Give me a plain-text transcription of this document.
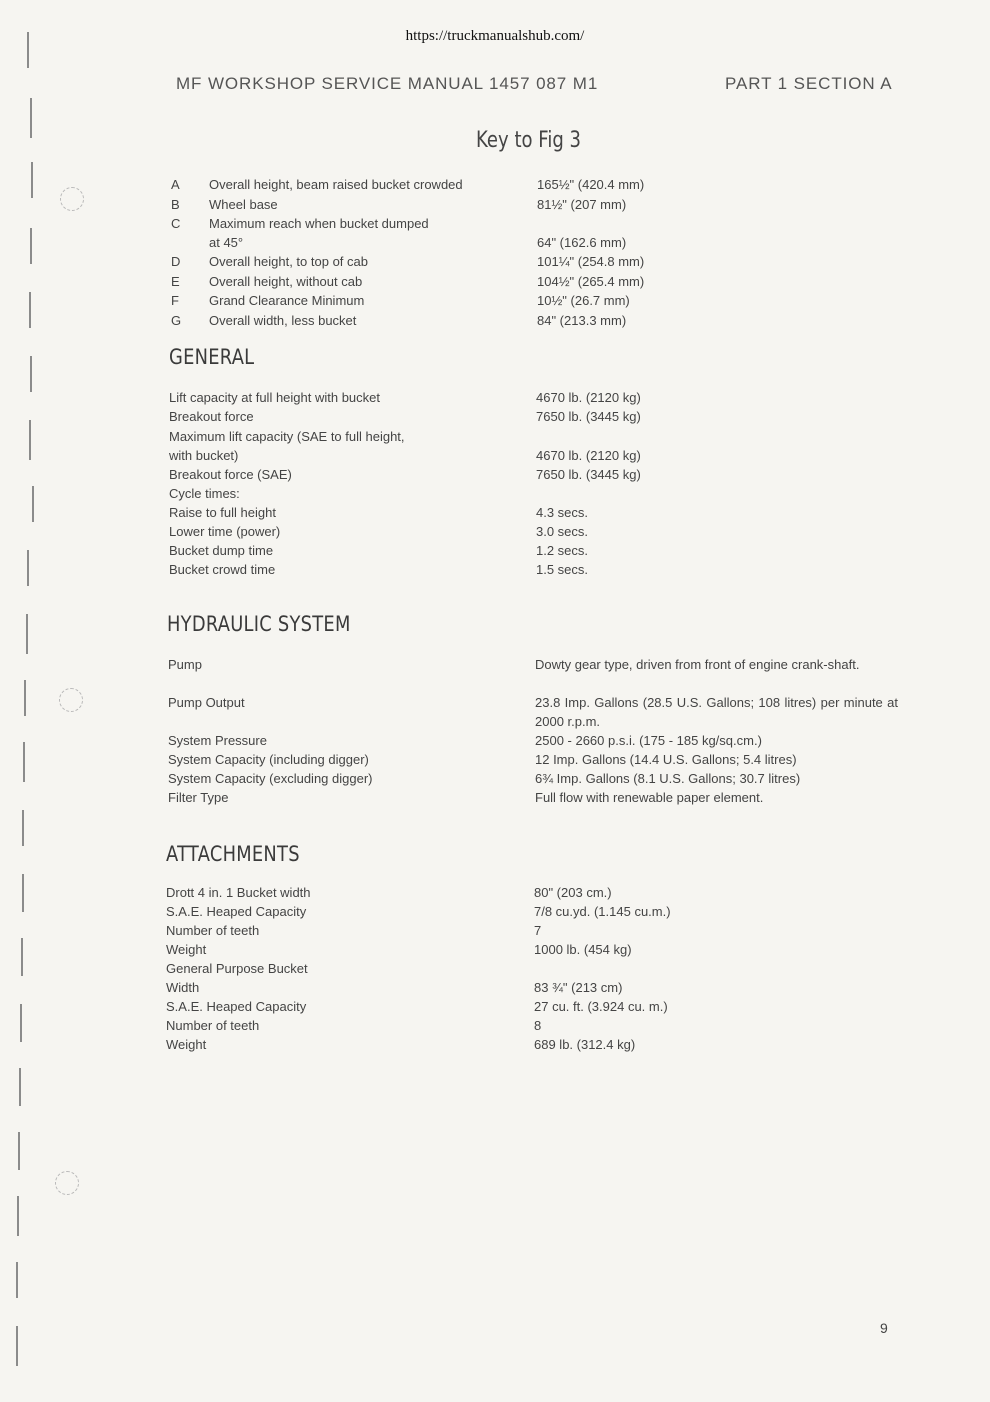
https://truckmanualshub.com/
MF WORKSHOP SERVICE MANUAL 1457 087 M1	PART 1 SECTION A
Key to Fig 3
A Overall height, beam raised bucket crowded	165½" (420.4 mm)
B Wheel base	81½" (207 mm)
C Maximum reach when bucket dumped
at 45°	64" (162.6 mm)
D Overall height, to top of cab	101¼" (254.8 mm)
E Overall height, without cab	104½" (265.4 mm)
F Grand Clearance Minimum	10½" (26.7 mm)
G Overall width, less bucket	84" (213.3 mm)
GENERAL
Lift capacity at full height with bucket	4670 lb. (2120 kg)
Breakout force	7650 lb. (3445 kg)
Maximum lift capacity (SAE to full height,
with bucket)	4670 lb. (2120 kg)
Breakout force (SAE)	7650 lb. (3445 kg)
Cycle times:
Raise to full height	4.3 secs.
Lower time (power)	3.0 secs.
Bucket dump time	1.2 secs.
Bucket crowd time	1.5 secs.
HYDRAULIC SYSTEM
Pump	Dowty gear type, driven from front of engine crank-shaft.
Pump Output	23.8 Imp. Gallons (28.5 U.S. Gallons; 108 litres) per minute at 2000 r.p.m.
System Pressure	2500 - 2660 p.s.i. (175 - 185 kg/sq.cm.)
System Capacity (including digger)	12 Imp. Gallons (14.4 U.S. Gallons; 5.4 litres)
System Capacity (excluding digger)	6¾ Imp. Gallons (8.1 U.S. Gallons; 30.7 litres)
Filter Type	Full flow with renewable paper element.
ATTACHMENTS
Drott 4 in. 1 Bucket width	80" (203 cm.)
S.A.E. Heaped Capacity	7/8 cu.yd. (1.145 cu.m.)
Number of teeth	7
Weight	1000 lb. (454 kg)
General Purpose Bucket
Width	83 ¾" (213 cm)
S.A.E. Heaped Capacity	27 cu. ft. (3.924 cu. m.)
Number of teeth	8
Weight	689 lb. (312.4 kg)
9
